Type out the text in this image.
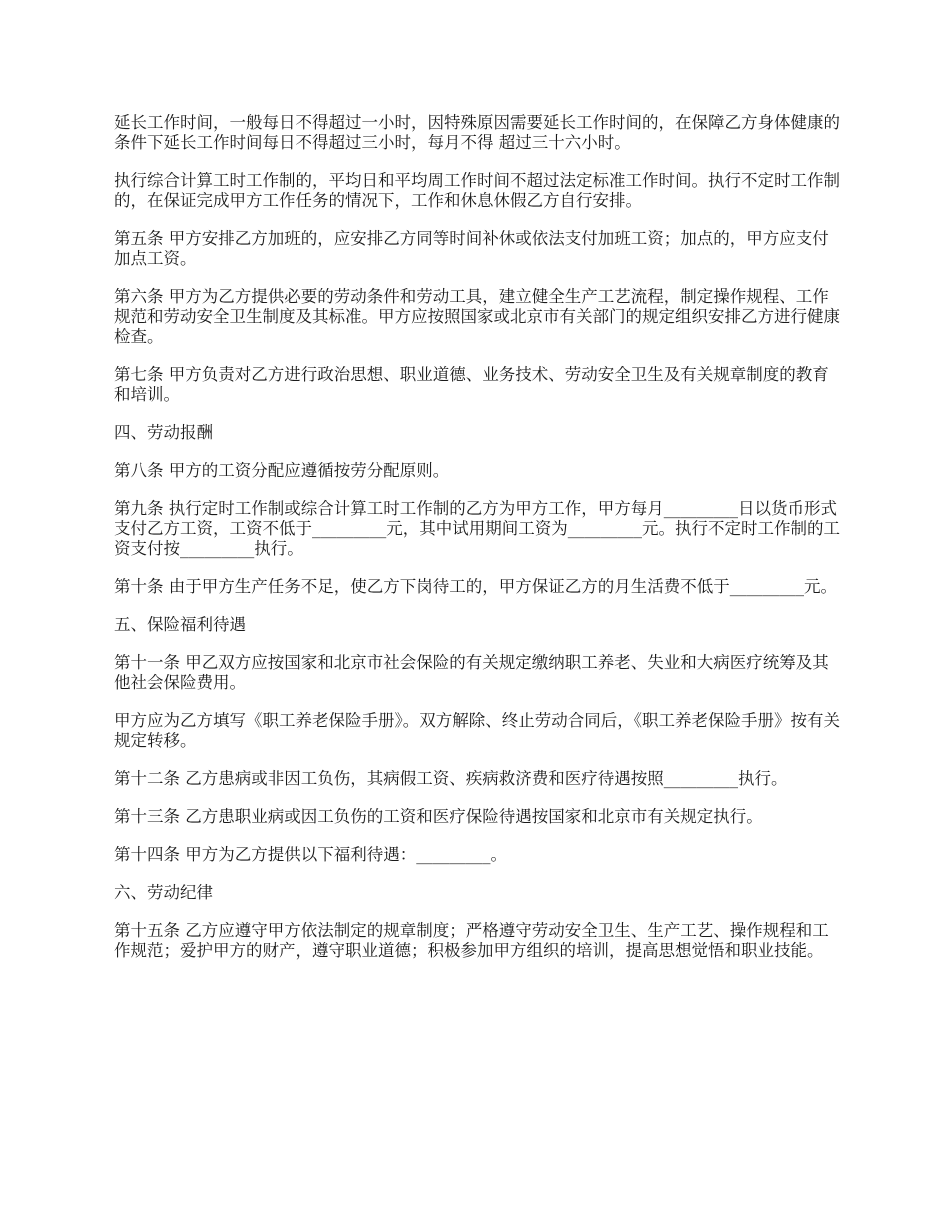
延长工作时间，一般每日不得超过一小时，因特殊原因需要延长工作时间的，在保障乙方身体健康的条件下延长工作时间每日不得超过三小时，每月不得 超过三十六小时。

执行综合计算工时工作制的，平均日和平均周工作时间不超过法定标准工作时间。执行不定时工作制的，在保证完成甲方工作任务的情况下，工作和休息休假乙方自行安排。

第五条 甲方安排乙方加班的，应安排乙方同等时间补休或依法支付加班工资；加点的，甲方应支付加点工资。

第六条 甲方为乙方提供必要的劳动条件和劳动工具，建立健全生产工艺流程，制定操作规程、工作规范和劳动安全卫生制度及其标准。甲方应按照国家或北京市有关部门的规定组织安排乙方进行健康检查。

第七条 甲方负责对乙方进行政治思想、职业道德、业务技术、劳动安全卫生及有关规章制度的教育和培训。

四、劳动报酬

第八条 甲方的工资分配应遵循按劳分配原则。

第九条 执行定时工作制或综合计算工时工作制的乙方为甲方工作，甲方每月_________日以货币形式支付乙方工资，工资不低于_________元，其中试用期间工资为_________元。执行不定时工作制的工资支付按_________执行。

第十条 由于甲方生产任务不足，使乙方下岗待工的，甲方保证乙方的月生活费不低于_________元。

五、保险福利待遇

第十一条 甲乙双方应按国家和北京市社会保险的有关规定缴纳职工养老、失业和大病医疗统筹及其他社会保险费用。

甲方应为乙方填写《职工养老保险手册》。双方解除、终止劳动合同后，《职工养老保险手册》按有关规定转移。

第十二条 乙方患病或非因工负伤，其病假工资、疾病救济费和医疗待遇按照_________执行。

第十三条 乙方患职业病或因工负伤的工资和医疗保险待遇按国家和北京市有关规定执行。

第十四条 甲方为乙方提供以下福利待遇：_________。

六、劳动纪律

第十五条 乙方应遵守甲方依法制定的规章制度；严格遵守劳动安全卫生、生产工艺、操作规程和工作规范；爱护甲方的财产，遵守职业道德；积极参加甲方组织的培训，提高思想觉悟和职业技能。
